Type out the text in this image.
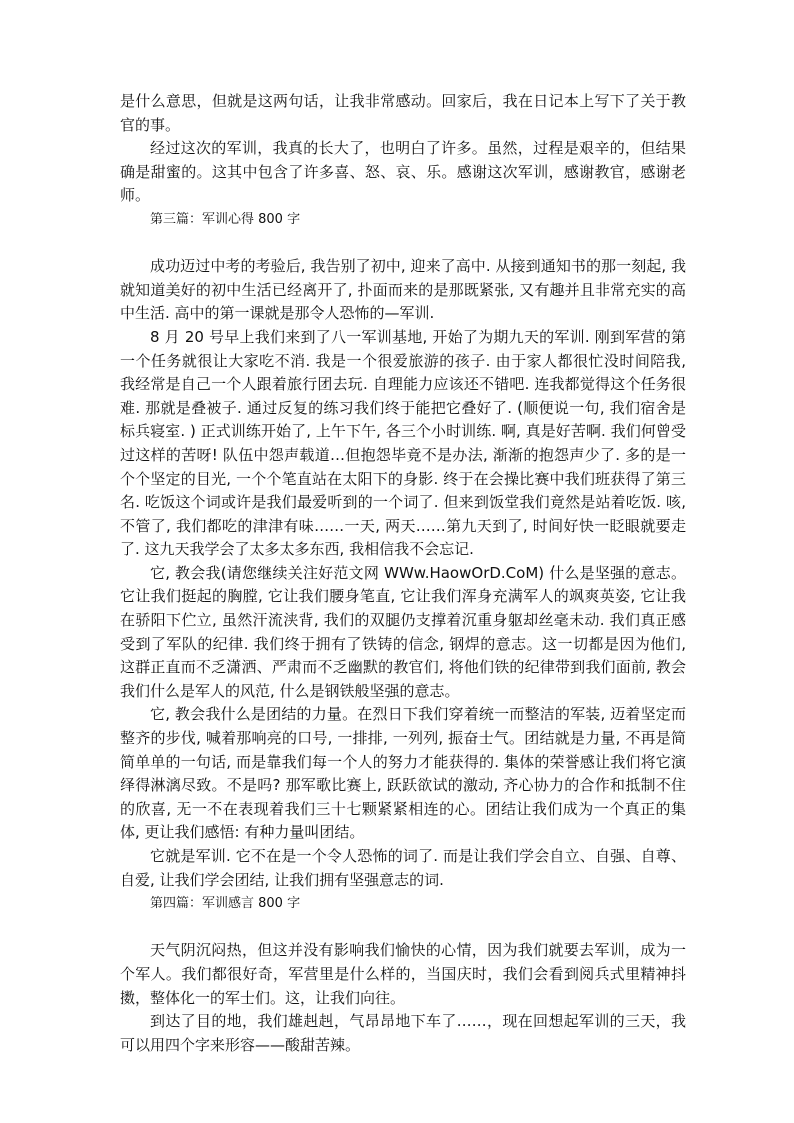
是什么意思，但就是这两句话，让我非常感动。回家后，我在日记本上写下了关于教官的事。

经过这次的军训，我真的长大了，也明白了许多。虽然，过程是艰辛的，但结果确是甜蜜的。这其中包含了许多喜、怒、哀、乐。感谢这次军训，感谢教官，感谢老师。

第三篇：军训心得 800 字

成功迈过中考的考验后, 我告别了初中, 迎来了高中. 从接到通知书的那一刻起, 我就知道美好的初中生活已经离开了, 扑面而来的是那既紧张, 又有趣并且非常充实的高中生活. 高中的第一课就是那令人恐怖的—军训.

8 月 20 号早上我们来到了八一军训基地, 开始了为期九天的军训. 刚到军营的第一个任务就很让大家吃不消. 我是一个很爱旅游的孩子. 由于家人都很忙没时间陪我, 我经常是自己一个人跟着旅行团去玩. 自理能力应该还不错吧. 连我都觉得这个任务很难. 那就是叠被子. 通过反复的练习我们终于能把它叠好了. (顺便说一句, 我们宿舍是标兵寝室. ) 正式训练开始了, 上午下午, 各三个小时训练. 啊, 真是好苦啊. 我们何曾受过这样的苦呀! 队伍中怨声载道…但抱怨毕竟不是办法, 渐渐的抱怨声少了. 多的是一个个坚定的目光, 一个个笔直站在太阳下的身影. 终于在会操比赛中我们班获得了第三名. 吃饭这个词或许是我们最爱听到的一个词了. 但来到饭堂我们竟然是站着吃饭. 咳, 不管了, 我们都吃的津津有味……一天, 两天……第九天到了, 时间好快一眨眼就要走了. 这九天我学会了太多太多东西, 我相信我不会忘记.

它, 教会我(请您继续关注好范文网 WWw.HaowOrD.CoM) 什么是坚强的意志。它让我们挺起的胸膛, 它让我们腰身笔直, 它让我们浑身充满军人的飒爽英姿, 它让我在骄阳下伫立, 虽然汗流浃背, 我们的双腿仍支撑着沉重身躯却丝毫未动. 我们真正感受到了军队的纪律. 我们终于拥有了铁铸的信念, 钢焊的意志。这一切都是因为他们, 这群正直而不乏潇洒、严肃而不乏幽默的教官们, 将他们铁的纪律带到我们面前, 教会我们什么是军人的风范, 什么是钢铁般坚强的意志。

它, 教会我什么是团结的力量。在烈日下我们穿着统一而整洁的军装, 迈着坚定而整齐的步伐, 喊着那响亮的口号, 一排排, 一列列, 振奋士气。团结就是力量, 不再是简简单单的一句话, 而是靠我们每一个人的努力才能获得的. 集体的荣誉感让我们将它演绎得淋漓尽致。不是吗? 那军歌比赛上, 跃跃欲试的激动, 齐心协力的合作和抵制不住的欣喜, 无一不在表现着我们三十七颗紧紧相连的心。团结让我们成为一个真正的集体, 更让我们感悟: 有种力量叫团结。

它就是军训. 它不在是一个令人恐怖的词了. 而是让我们学会自立、自强、自尊、自爱, 让我们学会团结, 让我们拥有坚强意志的词.

第四篇：军训感言 800 字

天气阴沉闷热，但这并没有影响我们愉快的心情，因为我们就要去军训，成为一个军人。我们都很好奇，军营里是什么样的，当国庆时，我们会看到阅兵式里精神抖擞，整体化一的军士们。这，让我们向往。

到达了目的地，我们雄赳赳，气昂昂地下车了……，现在回想起军训的三天，我可以用四个字来形容——酸甜苦辣。
